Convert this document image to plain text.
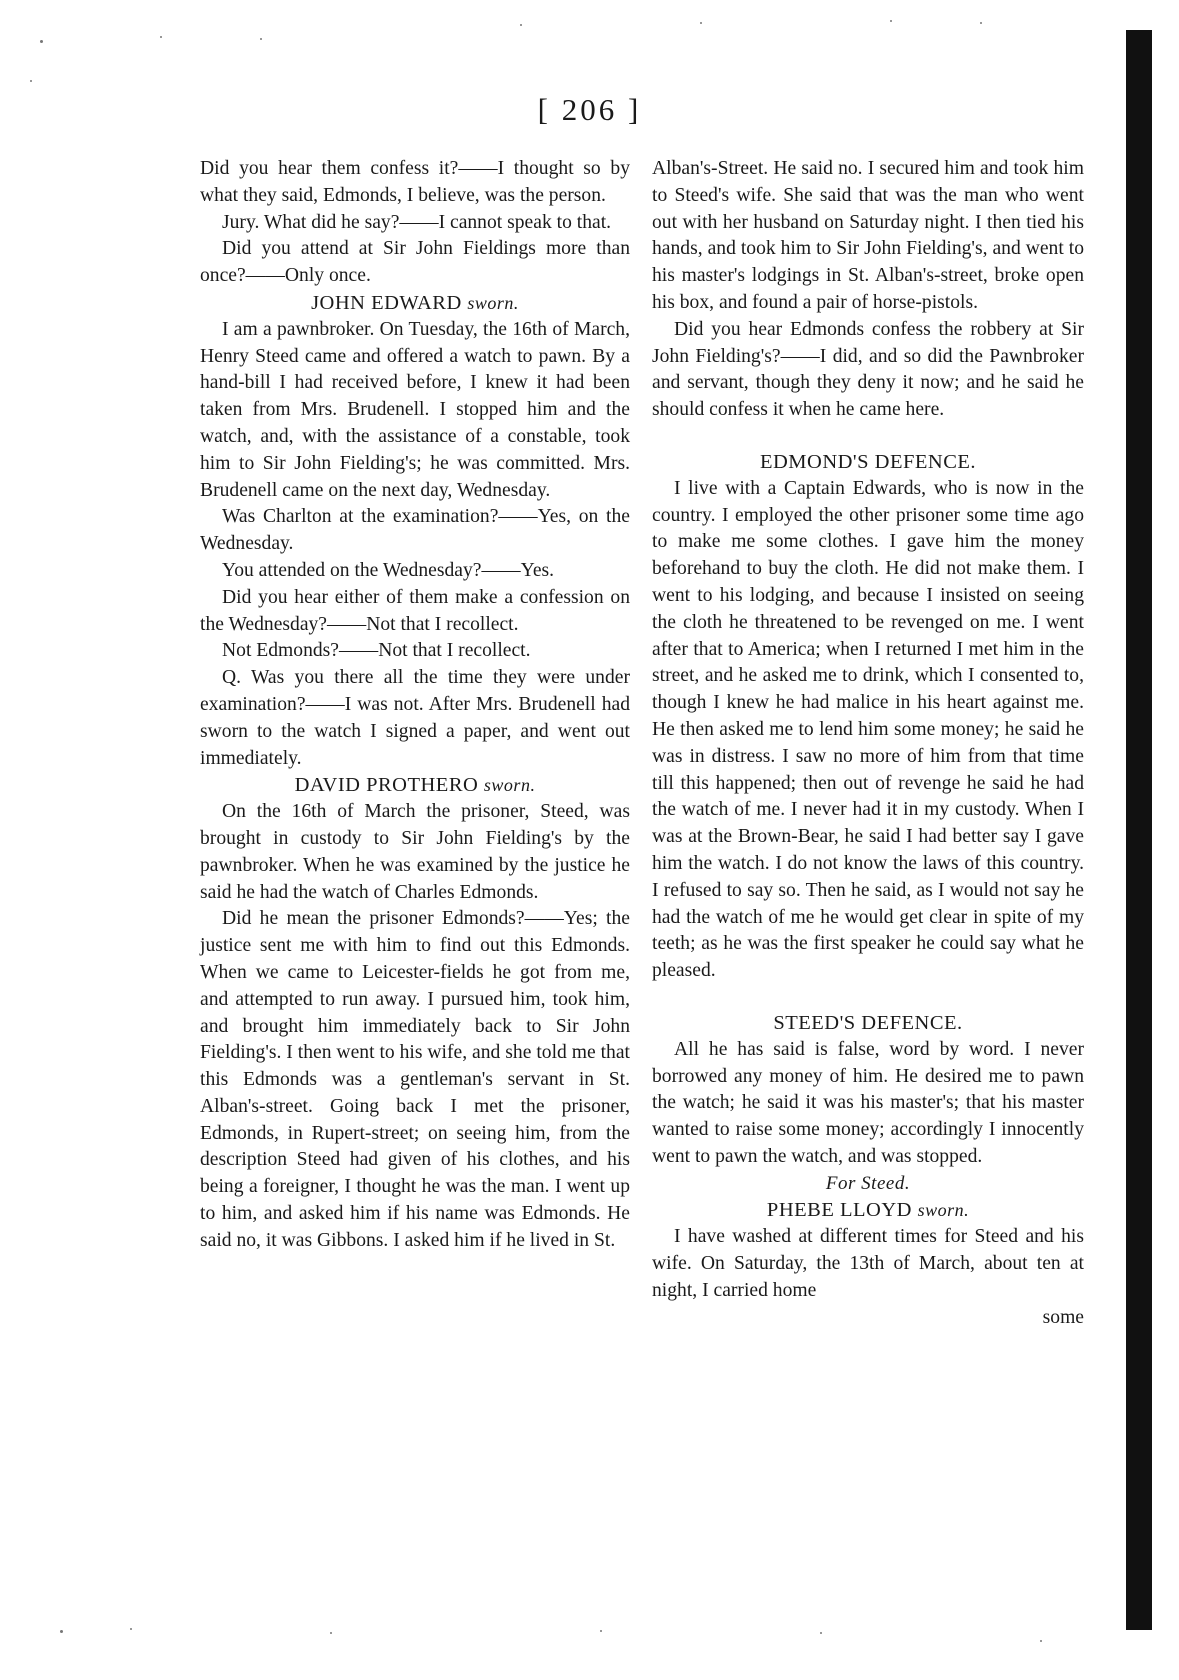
[ 206 ]

Did you hear them confess it?——I thought so by what they said, Edmonds, I believe, was the person.

Jury. What did he say?——I cannot speak to that.

Did you attend at Sir John Fieldings more than once?——Only once.

JOHN EDWARD sworn.

I am a pawnbroker. On Tuesday, the 16th of March, Henry Steed came and offered a watch to pawn. By a hand-bill I had received before, I knew it had been taken from Mrs. Brudenell. I stopped him and the watch, and, with the assistance of a constable, took him to Sir John Fielding's; he was committed. Mrs. Brudenell came on the next day, Wednesday.

Was Charlton at the examination?——Yes, on the Wednesday.

You attended on the Wednesday?——Yes.

Did you hear either of them make a confession on the Wednesday?——Not that I recollect.

Not Edmonds?——Not that I recollect.

Q. Was you there all the time they were under examination?——I was not. After Mrs. Brudenell had sworn to the watch I signed a paper, and went out immediately.

DAVID PROTHERO sworn.

On the 16th of March the prisoner, Steed, was brought in custody to Sir John Fielding's by the pawnbroker. When he was examined by the justice he said he had the watch of Charles Edmonds.

Did he mean the prisoner Edmonds?——Yes; the justice sent me with him to find out this Edmonds. When we came to Leicester-fields he got from me, and attempted to run away. I pursued him, took him, and brought him immediately back to Sir John Fielding's. I then went to his wife, and she told me that this Edmonds was a gentleman's servant in St. Alban's-street. Going back I met the prisoner, Edmonds, in Rupert-street; on seeing him, from the description Steed had given of his clothes, and his being a foreigner, I thought he was the man. I went up to him, and asked him if his name was Edmonds. He said no, it was Gibbons. I asked him if he lived in St.

Alban's-Street. He said no. I secured him and took him to Steed's wife. She said that was the man who went out with her husband on Saturday night. I then tied his hands, and took him to Sir John Fielding's, and went to his master's lodgings in St. Alban's-street, broke open his box, and found a pair of horse-pistols.

Did you hear Edmonds confess the robbery at Sir John Fielding's?——I did, and so did the Pawnbroker and servant, though they deny it now; and he said he should confess it when he came here.

EDMOND'S DEFENCE.

I live with a Captain Edwards, who is now in the country. I employed the other prisoner some time ago to make me some clothes. I gave him the money beforehand to buy the cloth. He did not make them. I went to his lodging, and because I insisted on seeing the cloth he threatened to be revenged on me. I went after that to America; when I returned I met him in the street, and he asked me to drink, which I consented to, though I knew he had malice in his heart against me. He then asked me to lend him some money; he said he was in distress. I saw no more of him from that time till this happened; then out of revenge he said he had the watch of me. I never had it in my custody. When I was at the Brown-Bear, he said I had better say I gave him the watch. I do not know the laws of this country. I refused to say so. Then he said, as I would not say he had the watch of me he would get clear in spite of my teeth; as he was the first speaker he could say what he pleased.

STEED'S DEFENCE.

All he has said is false, word by word. I never borrowed any money of him. He desired me to pawn the watch; he said it was his master's; that his master wanted to raise some money; accordingly I innocently went to pawn the watch, and was stopped.

For Steed.
PHEBE LLOYD sworn.

I have washed at different times for Steed and his wife. On Saturday, the 13th of March, about ten at night, I carried home

some
